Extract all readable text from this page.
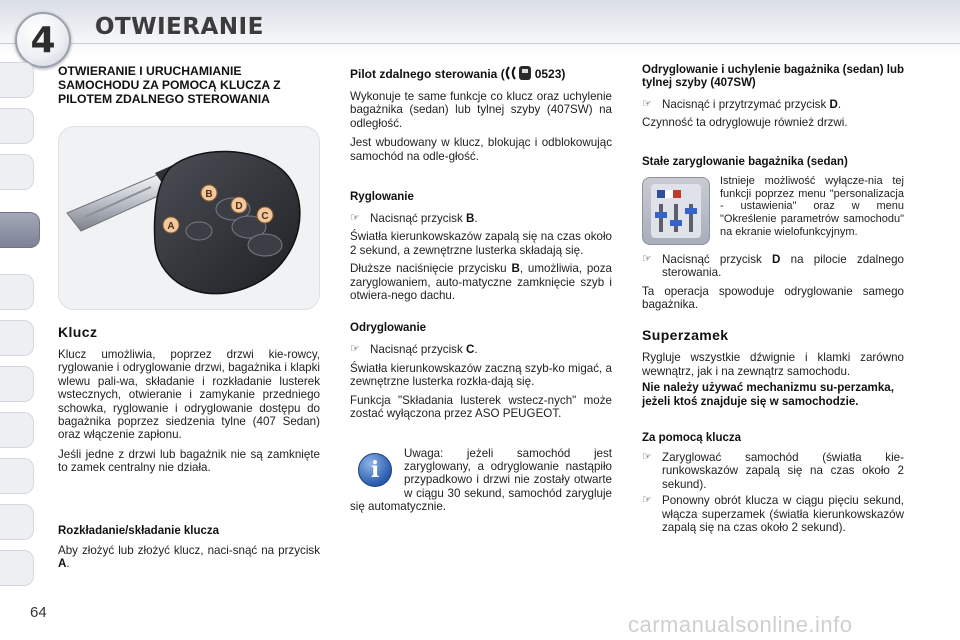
4 OTWIERANIE
OTWIERANIE I URUCHAMIANIE SAMOCHODU ZA POMOCĄ KLUCZA Z PILOTEM ZDALNEGO STEROWANIA
B
D
C
A
Klucz

Klucz umożliwia, poprzez drzwi kie-rowcy, ryglowanie i odryglowanie drzwi, bagażnika i klapki wlewu pali-wa, składanie i rozkładanie lusterek wstecznych, otwieranie i zamykanie przedniego schowka, ryglowanie i odryglowanie dostępu do bagażnika poprzez siedzenia tylne (407 Sedan) oraz włączenie zapłonu.

Jeśli jedne z drzwi lub bagażnik nie są zamknięte to zamek centralny nie działa.

Rozkładanie/składanie klucza

Aby złożyć lub złożyć klucz, naci-snąć na przycisk A.

Pilot zdalnego sterowania (	0523)

Wykonuje te same funkcje co klucz oraz uchylenie bagażnika (sedan) lub tylnej szyby (407SW) na odległość.

Jest wbudowany w klucz, blokując i odblokowując samochód na odle-głość.

Ryglowanie
☞ Nacisnąć przycisk B.

Światła kierunkowskazów zapalą się na czas około 2 sekund, a zewnętrzne lusterka składają się.

Dłuższe naciśnięcie przycisku B, umożliwia, poza zaryglowaniem, auto-matyczne zamknięcie szyb i otwiera-nego dachu.

Odryglowanie
☞ Nacisnąć przycisk C.

Światła kierunkowskazów zaczną szyb-ko migać, a zewnętrzne lusterka rozkła-dają się.

Funkcja "Składania lusterek wstecz-nych" może zostać wyłączona przez ASO PEUGEOT.

i

Uwaga: jeżeli samochód jest zaryglowany, a odryglowanie nastąpiło przypadkowo i drzwi nie zostały otwarte w ciągu 30 sekund, samochód zarygluje się automatycznie.

Odryglowanie i uchylenie bagażnika (sedan) lub tylnej szyby (407SW)
☞ Nacisnąć i przytrzymać przycisk D.

Czynność ta odryglowuje również drzwi.

Stałe zaryglowanie bagażnika (sedan)

Istnieje możliwość wyłącze-nia tej funkcji poprzez menu "personalizacja - ustawienia" oraz w menu "Określenie parametrów samochodu" na ekranie wielofunkcyjnym.

☞ Nacisnąć przycisk D na pilocie zdalnego sterowania.

Ta operacja spowoduje odryglowanie samego bagażnika.

Superzamek

Rygluje wszystkie dźwignie i klamki zarówno wewnątrz, jak i na zewnątrz samochodu.

Nie należy używać mechanizmu su-perzamka, jeżeli ktoś znajduje się w samochodzie.

Za pomocą klucza
☞ Zaryglować samochód (światła kie-runkowskazów zapalą się na czas około 2 sekund).
☞ Ponowny obrót klucza w ciągu pięciu sekund, włącza superzamek (światła kierunkowskazów zapalą się na czas około 2 sekund).
64	carmanualsonline.info
